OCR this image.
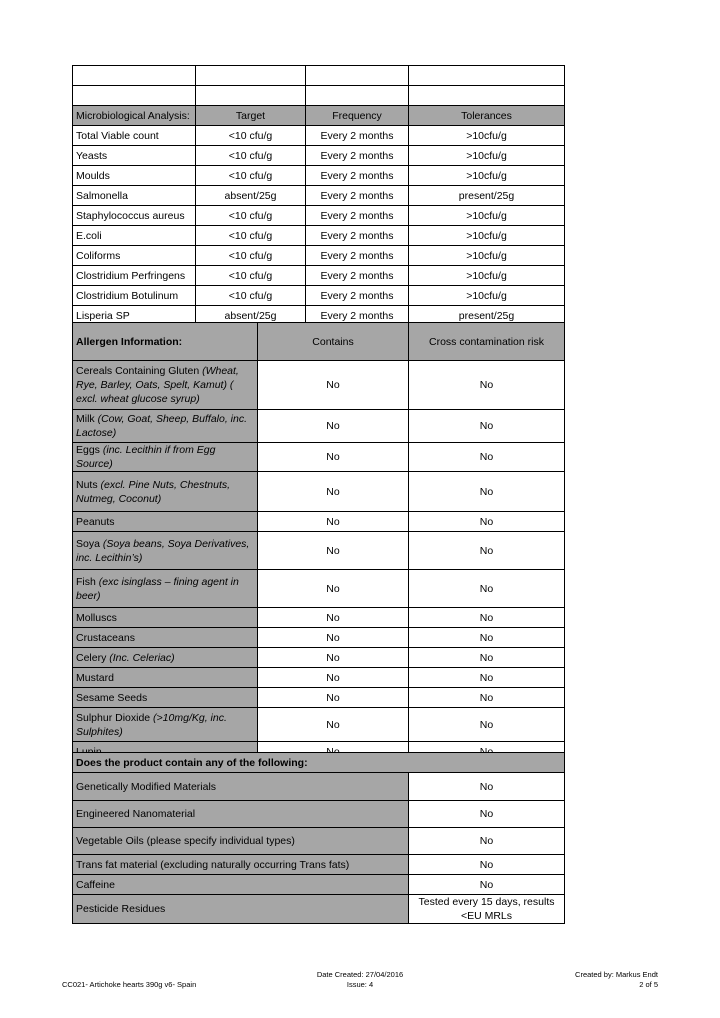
Microbiological Analysis:	Target	Frequency	Tolerances
Total Viable count	<10 cfu/g	Every 2 months	>10cfu/g
Yeasts	<10 cfu/g	Every 2 months	>10cfu/g
Moulds	<10 cfu/g	Every 2 months	>10cfu/g
Salmonella	absent/25g	Every 2 months	present/25g
Staphylococcus aureus	<10 cfu/g	Every 2 months	>10cfu/g
E.coli	<10 cfu/g	Every 2 months	>10cfu/g
Coliforms	<10 cfu/g	Every 2 months	>10cfu/g
Clostridium Perfringens	<10 cfu/g	Every 2 months	>10cfu/g
Clostridium Botulinum	<10 cfu/g	Every 2 months	>10cfu/g
Lisperia SP	absent/25g	Every 2 months	present/25g
Allergen Information:	Contains	Cross contamination risk
Cereals Containing Gluten (Wheat, Rye, Barley, Oats, Spelt, Kamut) ( excl. wheat glucose syrup)	No	No
Milk (Cow, Goat, Sheep, Buffalo, inc. Lactose)	No	No
Eggs (inc. Lecithin if from Egg Source)	No	No
Nuts (excl. Pine Nuts, Chestnuts, Nutmeg, Coconut)	No	No
Peanuts	No	No
Soya (Soya beans, Soya Derivatives, inc. Lecithin’s)	No	No
Fish (exc isinglass – fining agent in beer)	No	No
Molluscs	No	No
Crustaceans	No	No
Celery (Inc. Celeriac)	No	No
Mustard	No	No
Sesame Seeds	No	No
Sulphur Dioxide (>10mg/Kg, inc. Sulphites)	No	No
Lupin	No	No
Does the product contain any of the following:	
Genetically Modified Materials	No
Engineered Nanomaterial	No
Vegetable Oils (please specify individual types)	No
Trans fat material (excluding naturally occurring Trans fats)	No
Caffeine	No
Pesticide Residues	Tested every 15 days, results <EU MRLs
CC021- Artichoke hearts 390g v6- Spain
Date Created: 27/04/2016
Issue: 4
Created by: Markus Endt
2 of 5
